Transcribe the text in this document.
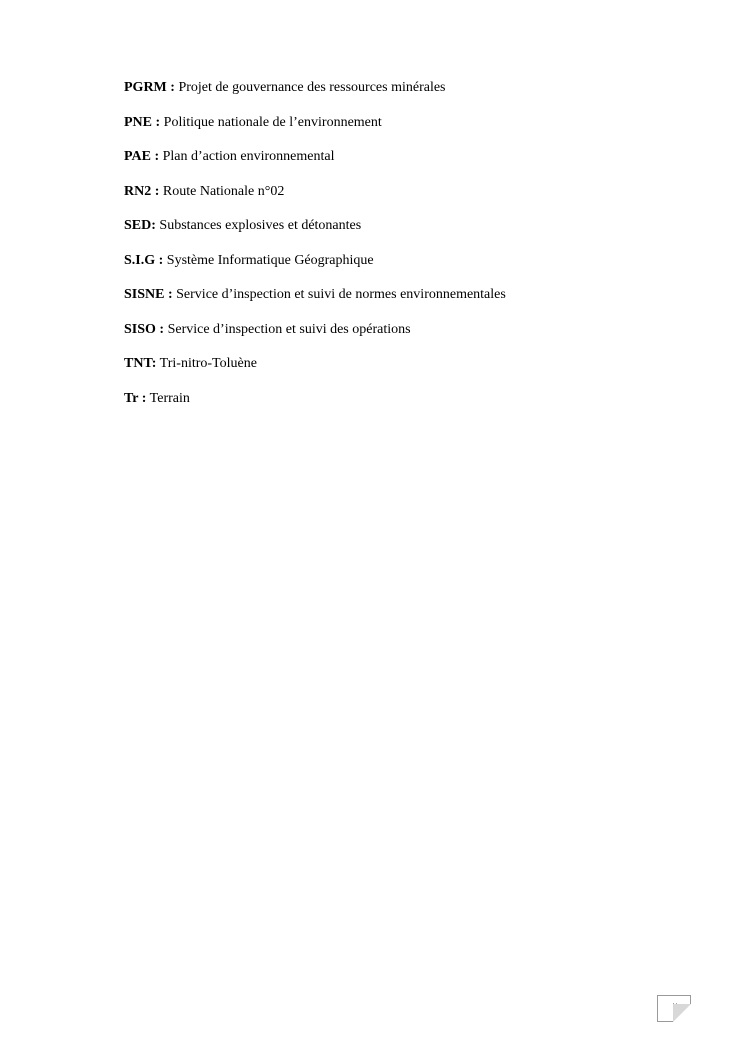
PGRM : Projet de gouvernance des ressources minérales
PNE : Politique nationale de l’environnement
PAE : Plan d’action environnemental
RN2 : Route Nationale n°02
SED: Substances explosives et détonantes
S.I.G : Système Informatique Géographique
SISNE : Service d’inspection et suivi de normes environnementales
SISO : Service d’inspection et suivi des opérations
TNT: Tri-nitro-Toluène
Tr : Terrain
v
